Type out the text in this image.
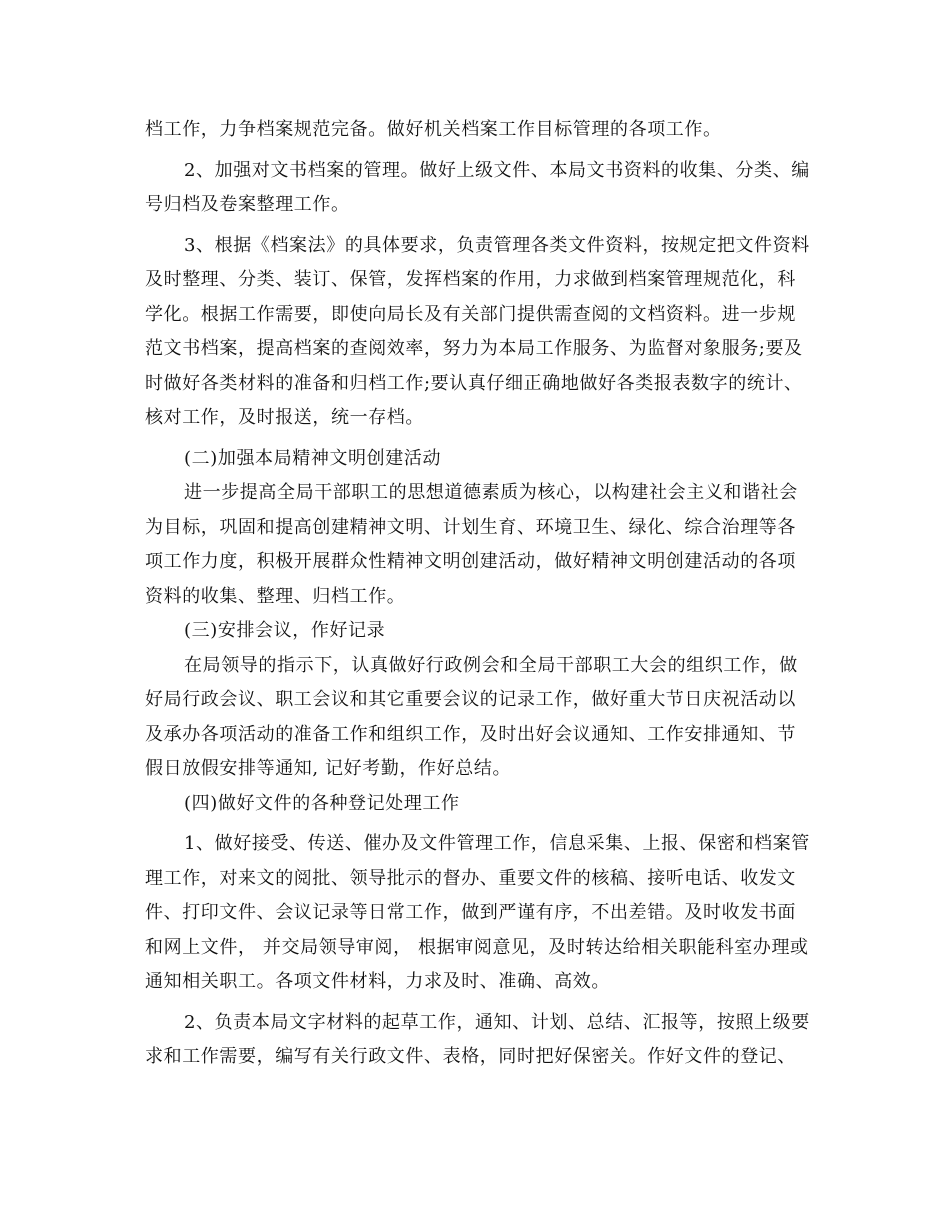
档工作，力争档案规范完备。做好机关档案工作目标管理的各项工作。
2、加强对文书档案的管理。做好上级文件、本局文书资料的收集、分类、编
号归档及卷案整理工作。
3、根据《档案法》的具体要求，负责管理各类文件资料，按规定把文件资料
及时整理、分类、装订、保管，发挥档案的作用，力求做到档案管理规范化，科
学化。根据工作需要，即使向局长及有关部门提供需查阅的文档资料。进一步规
范文书档案，提高档案的查阅效率，努力为本局工作服务、为监督对象服务;要及
时做好各类材料的准备和归档工作;要认真仔细正确地做好各类报表数字的统计、
核对工作，及时报送，统一存档。
(二)加强本局精神文明创建活动
进一步提高全局干部职工的思想道德素质为核心，以构建社会主义和谐社会
为目标，巩固和提高创建精神文明、计划生育、环境卫生、绿化、综合治理等各
项工作力度，积极开展群众性精神文明创建活动，做好精神文明创建活动的各项
资料的收集、整理、归档工作。
(三)安排会议，作好记录
在局领导的指示下，认真做好行政例会和全局干部职工大会的组织工作，做
好局行政会议、职工会议和其它重要会议的记录工作，做好重大节日庆祝活动以
及承办各项活动的准备工作和组织工作，及时出好会议通知、工作安排通知、节
假日放假安排等通知, 记好考勤，作好总结。
(四)做好文件的各种登记处理工作
1、做好接受、传送、催办及文件管理工作，信息采集、上报、保密和档案管
理工作，对来文的阅批、领导批示的督办、重要文件的核稿、接听电话、收发文
件、打印文件、会议记录等日常工作，做到严谨有序，不出差错。及时收发书面
和网上文件， 并交局领导审阅， 根据审阅意见，及时转达给相关职能科室办理或
通知相关职工。各项文件材料，力求及时、准确、高效。
2、负责本局文字材料的起草工作，通知、计划、总结、汇报等，按照上级要
求和工作需要，编写有关行政文件、表格，同时把好保密关。作好文件的登记、
